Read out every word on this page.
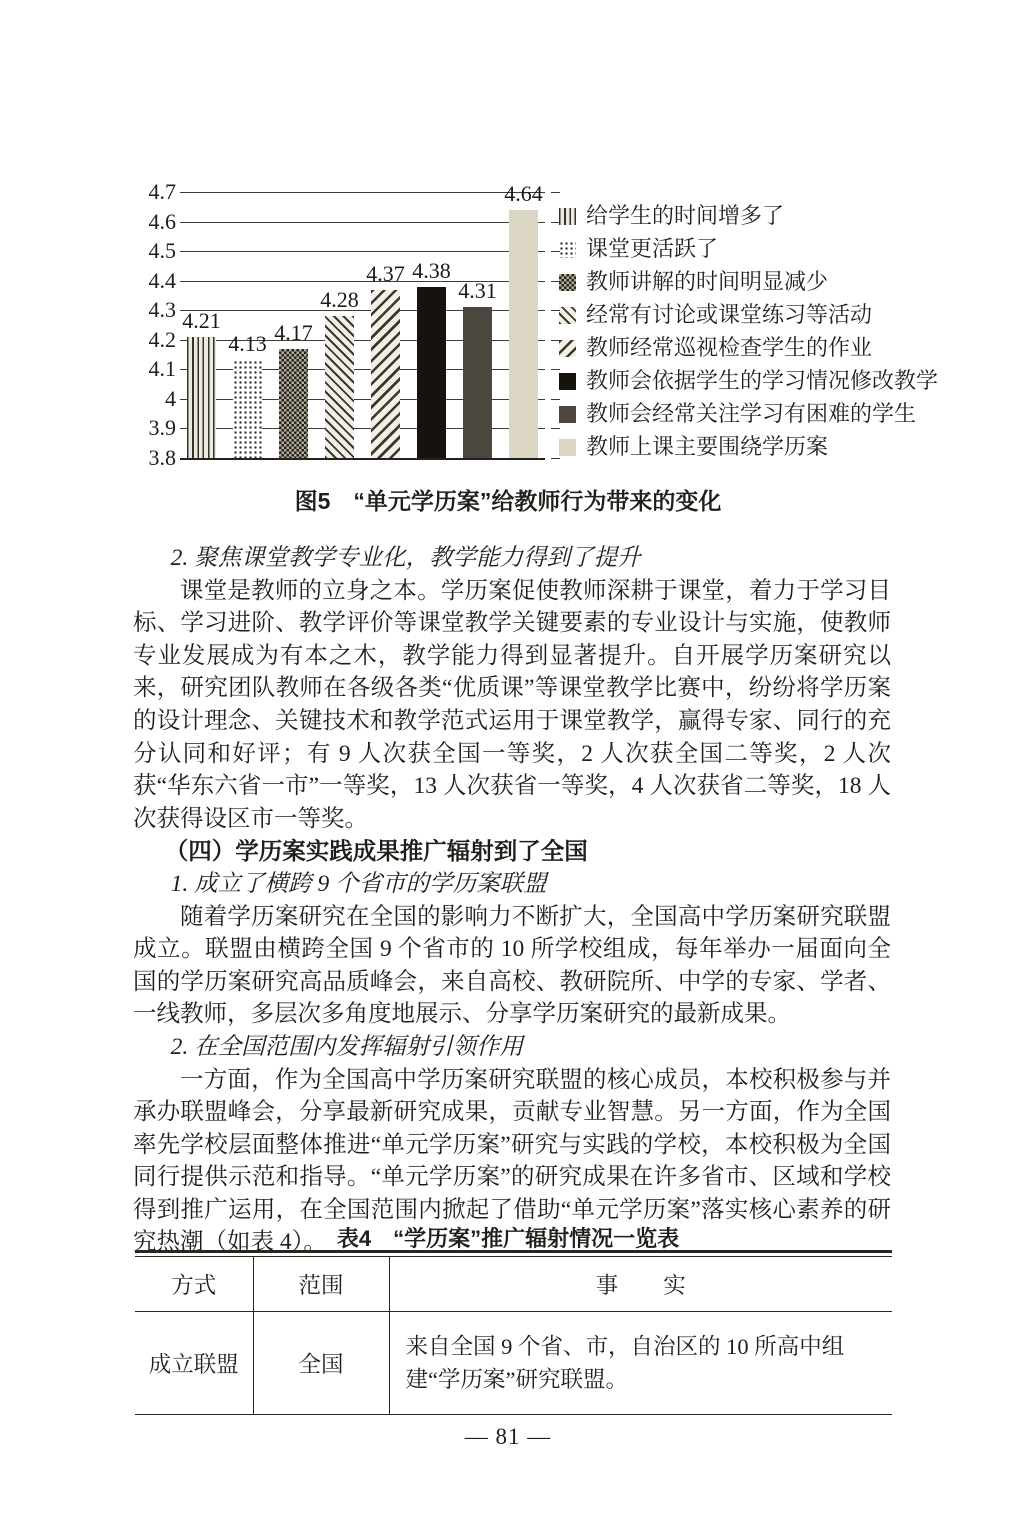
4.7
4.6
4.5
4.4
4.3
4.2
4.1
4
3.9
3.8
4.21
4.13 4.17
4.28
4.37 4.38
4.31
4.64
给学生的时间增多了
课堂更活跃了
教师讲解的时间明显减少
经常有讨论或课堂练习等活动
教师经常巡视检查学生的作业
教师会依据学生的学习情况修改教学
教师会经常关注学习有困难的学生
教师上课主要围绕学历案
图5　“单元学历案”给教师行为带来的变化

2. 聚焦课堂教学专业化，教学能力得到了提升

课堂是教师的立身之本。学历案促使教师深耕于课堂，着力于学习目标、学习进阶、教学评价等课堂教学关键要素的专业设计与实施，使教师专业发展成为有本之木，教学能力得到显著提升。自开展学历案研究以来，研究团队教师在各级各类“优质课”等课堂教学比赛中，纷纷将学历案的设计理念、关键技术和教学范式运用于课堂教学，赢得专家、同行的充分认同和好评；有 9 人次获全国一等奖，2 人次获全国二等奖，2 人次获“华东六省一市”一等奖，13 人次获省一等奖，4 人次获省二等奖，18 人次获得设区市一等奖。

（四）学历案实践成果推广辐射到了全国

1. 成立了横跨 9 个省市的学历案联盟

随着学历案研究在全国的影响力不断扩大，全国高中学历案研究联盟成立。联盟由横跨全国 9 个省市的 10 所学校组成，每年举办一届面向全国的学历案研究高品质峰会，来自高校、教研院所、中学的专家、学者、一线教师，多层次多角度地展示、分享学历案研究的最新成果。

2. 在全国范围内发挥辐射引领作用

一方面，作为全国高中学历案研究联盟的核心成员，本校积极参与并承办联盟峰会，分享最新研究成果，贡献专业智慧。另一方面，作为全国率先学校层面整体推进“单元学历案”研究与实践的学校，本校积极为全国同行提供示范和指导。“单元学历案”的研究成果在许多省市、区域和学校得到推广运用，在全国范围内掀起了借助“单元学历案”落实核心素养的研究热潮（如表 4）。 表4　“学历案”推广辐射情况一览表
方式	范围	事　　实
成立联盟	全国	来自全国 9 个省、市，自治区的 10 所高中组建“学历案”研究联盟。
— 81 —
